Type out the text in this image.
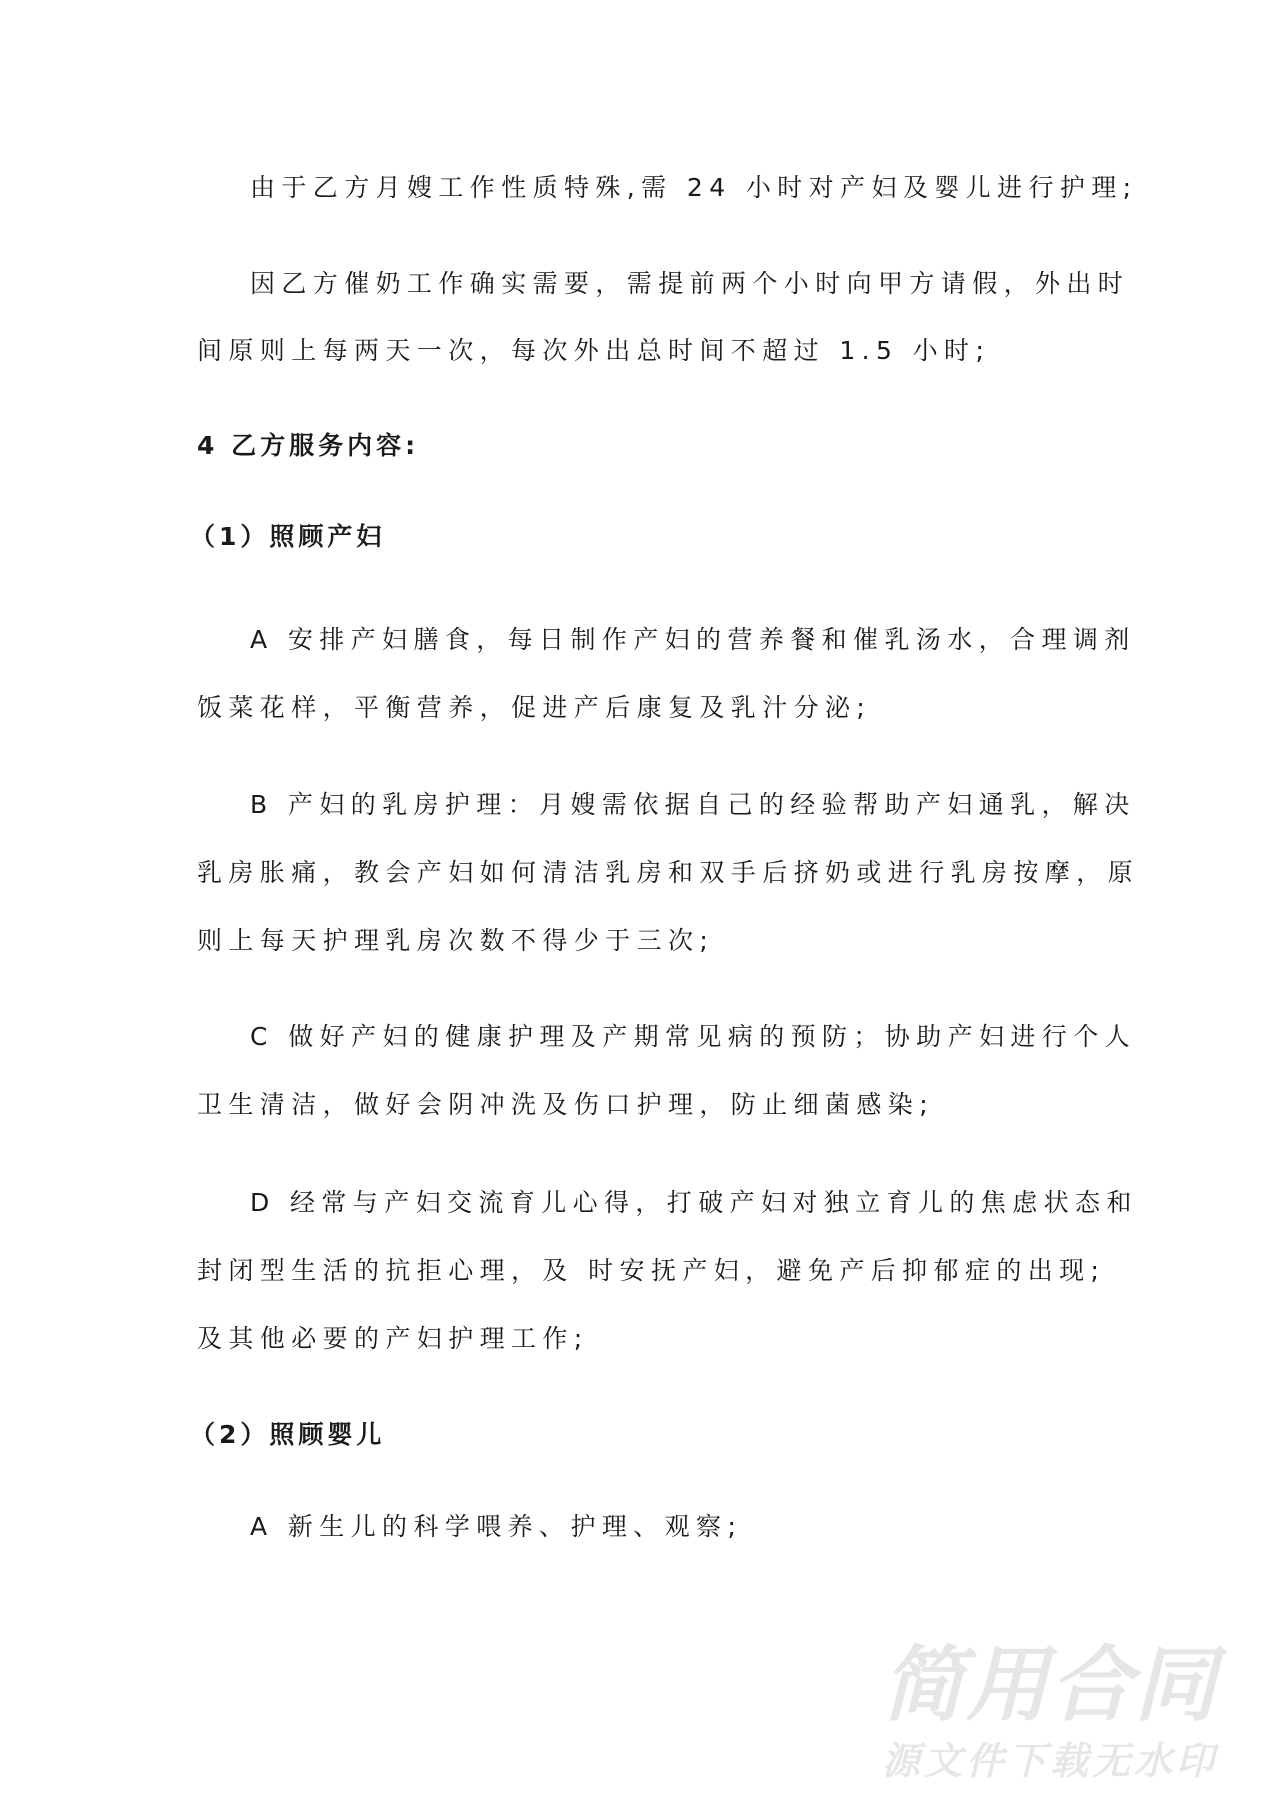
由于乙方月嫂工作性质特殊,需 24 小时对产妇及婴儿进行护理;
因乙方催奶工作确实需要，需提前两个小时向甲方请假，外出时
间原则上每两天一次，每次外出总时间不超过 1.5 小时;
4 乙方服务内容:
（1）照顾产妇
A 安排产妇膳食，每日制作产妇的营养餐和催乳汤水，合理调剂
饭菜花样，平衡营养，促进产后康复及乳汁分泌;
B 产妇的乳房护理：月嫂需依据自己的经验帮助产妇通乳，解决
乳房胀痛，教会产妇如何清洁乳房和双手后挤奶或进行乳房按摩，原
则上每天护理乳房次数不得少于三次;
C 做好产妇的健康护理及产期常见病的预防；协助产妇进行个人
卫生清洁，做好会阴冲洗及伤口护理，防止细菌感染;
D 经常与产妇交流育儿心得，打破产妇对独立育儿的焦虑状态和
封闭型生活的抗拒心理，及 时安抚产妇，避免产后抑郁症的出现;
及其他必要的产妇护理工作;
（2）照顾婴儿
A 新生儿的科学喂养、护理、观察;
简用合同
源文件下载无水印
